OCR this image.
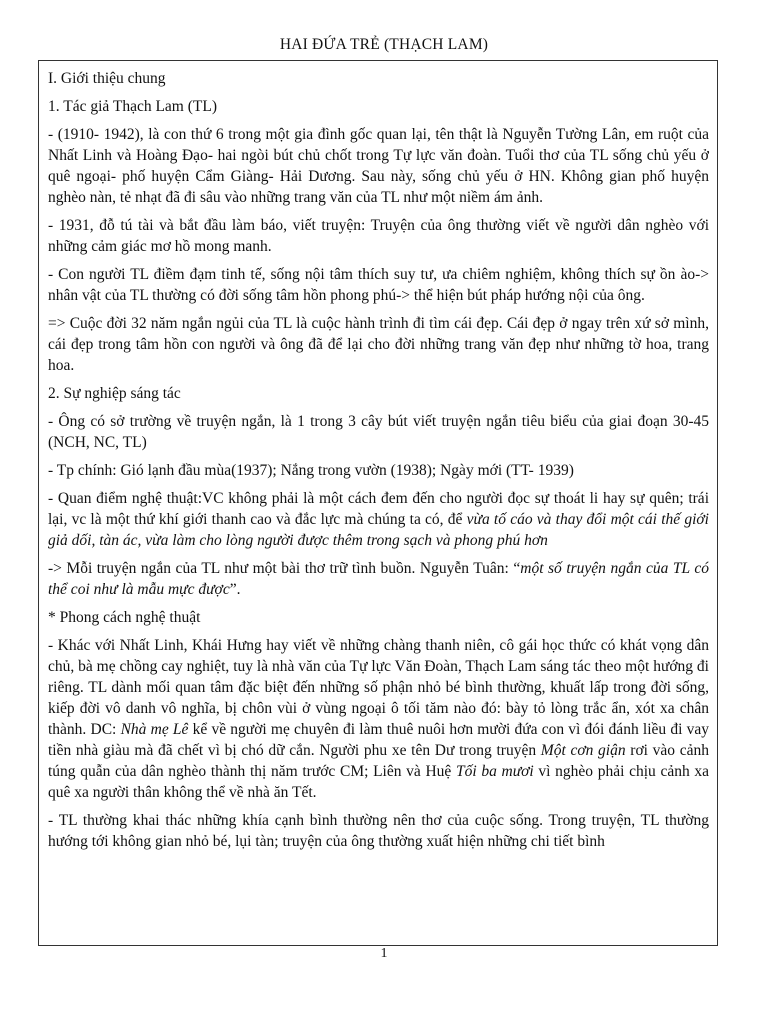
HAI ĐỨA TRẺ (THẠCH LAM)
I. Giới thiệu chung
1. Tác giả Thạch Lam (TL)
- (1910- 1942), là con thứ 6 trong một gia đình gốc quan lại, tên thật là Nguyễn Tường Lân, em ruột của Nhất Linh và Hoàng Đạo- hai ngòi bút chủ chốt trong Tự lực văn đoàn. Tuổi thơ của TL sống chủ yếu ở quê ngoại- phố huyện Cẩm Giàng- Hải Dương. Sau này, sống chủ yếu ở HN. Không gian phố huyện nghèo nàn, tẻ nhạt đã đi sâu vào những trang văn của TL như một niềm ám ảnh.
- 1931, đỗ tú tài và bắt đầu làm báo, viết truyện: Truyện của ông thường viết về người dân nghèo với những cảm giác mơ hồ mong manh.
- Con người TL điềm đạm tinh tế, sống nội tâm thích suy tư, ưa chiêm nghiệm, không thích sự ồn ào-> nhân vật của TL thường có đời sống tâm hồn phong phú-> thể hiện bút pháp hướng nội của ông.
=> Cuộc đời 32 năm ngắn ngủi của TL là cuộc hành trình đi tìm cái đẹp. Cái đẹp ở ngay trên xứ sở mình, cái đẹp trong tâm hồn con người và ông đã để lại cho đời những trang văn đẹp như những tờ hoa, trang hoa.
2. Sự nghiệp sáng tác
- Ông có sở trường về truyện ngắn, là 1 trong 3 cây bút viết truyện ngắn tiêu biểu của giai đoạn 30-45 (NCH, NC, TL)
- Tp chính: Gió lạnh đầu mùa(1937); Nắng trong vườn (1938); Ngày mới (TT- 1939)
- Quan điểm nghệ thuật:VC không phải là một cách đem đến cho người đọc sự thoát li hay sự quên; trái lại, vc là một thứ khí giới thanh cao và đắc lực mà chúng ta có, để vừa tố cáo và thay đổi một cái thế giới giả dối, tàn ác, vừa làm cho lòng người được thêm trong sạch và phong phú hơn
-> Mỗi truyện ngắn của TL như một bài thơ trữ tình buồn. Nguyễn Tuân: “một số truyện ngắn của TL có thể coi như là mẫu mực được”.
* Phong cách nghệ thuật
- Khác với Nhất Linh, Khái Hưng hay viết về những chàng thanh niên, cô gái học thức có khát vọng dân chủ, bà mẹ chồng cay nghiệt, tuy là nhà văn của Tự lực Văn Đoàn, Thạch Lam sáng tác theo một hướng đi riêng. TL dành mối quan tâm đặc biệt đến những số phận nhỏ bé bình thường, khuất lấp trong đời sống, kiếp đời vô danh vô nghĩa, bị chôn vùi ở vùng ngoại ô tối tăm nào đó: bày tỏ lòng trắc ẩn, xót xa chân thành. DC: Nhà mẹ Lê kể về người mẹ chuyên đi làm thuê nuôi hơn mười đứa con vì đói đánh liều đi vay tiền nhà giàu mà đã chết vì bị chó dữ cắn. Người phu xe tên Dư trong truyện Một cơn giận rơi vào cảnh túng quẫn của dân nghèo thành thị năm trước CM; Liên và Huệ Tối ba mươi vì nghèo phải chịu cảnh xa quê xa người thân không thể về nhà ăn Tết.
- TL thường khai thác những khía cạnh bình thường nên thơ của cuộc sống. Trong truyện, TL thường hướng tới không gian nhỏ bé, lụi tàn; truyện của ông thường xuất hiện những chi tiết bình
1
